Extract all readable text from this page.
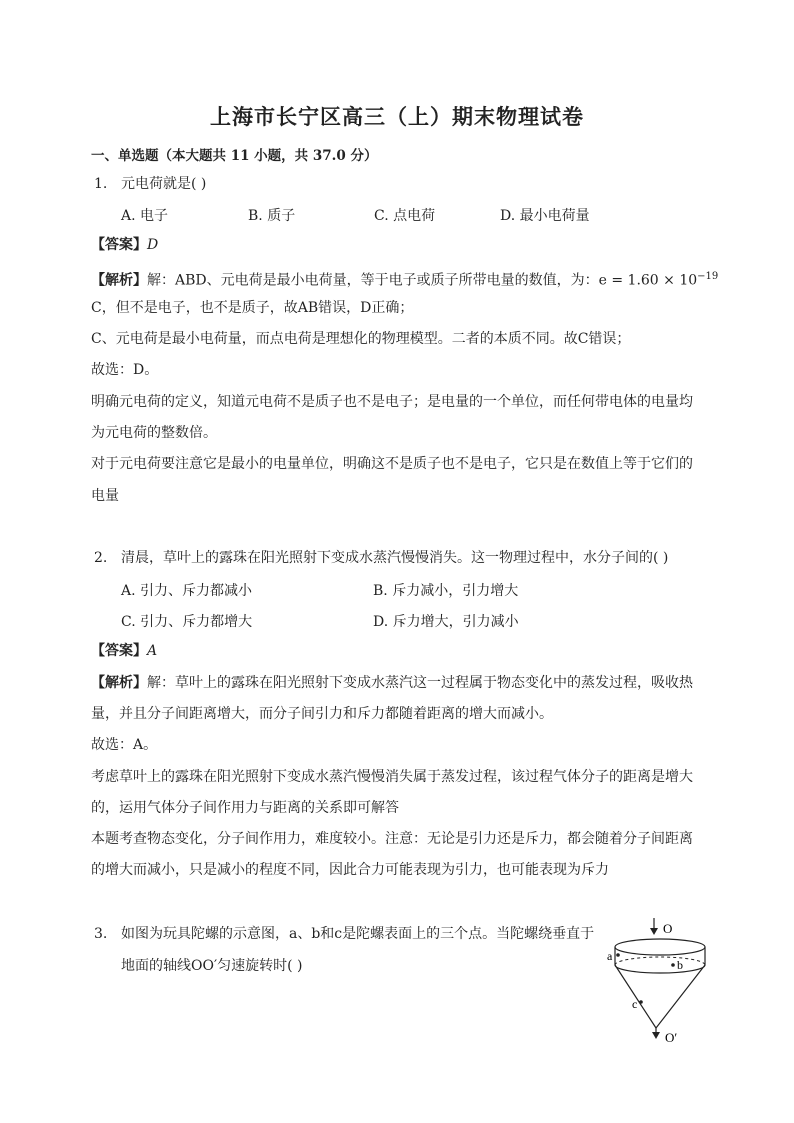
上海市长宁区高三（上）期末物理试卷
一、单选题（本大题共 11 小题，共 37.0 分）
1. 元电荷就是( )
A. 电子	B. 质子	C. 点电荷	D. 最小电荷量
【答案】D
【解析】解：ABD、元电荷是最小电荷量，等于电子或质子所带电量的数值，为：$e = 1.60 \times 10^{-19}$
C，但不是电子，也不是质子，故AB错误，D正确；
C、元电荷是最小电荷量，而点电荷是理想化的物理模型。二者的本质不同。故C错误；
故选：D。
明确元电荷的定义，知道元电荷不是质子也不是电子；是电量的一个单位，而任何带电体的电量均
为元电荷的整数倍。
对于元电荷要注意它是最小的电量单位，明确这不是质子也不是电子，它只是在数值上等于它们的
电量
2. 清晨，草叶上的露珠在阳光照射下变成水蒸汽慢慢消失。这一物理过程中，水分子间的( )
A. 引力、斥力都减小	B. 斥力减小，引力增大
C. 引力、斥力都增大	D. 斥力增大，引力减小
【答案】A
【解析】解：草叶上的露珠在阳光照射下变成水蒸汽这一过程属于物态变化中的蒸发过程，吸收热
量，并且分子间距离增大，而分子间引力和斥力都随着距离的增大而减小。
故选：A。
考虑草叶上的露珠在阳光照射下变成水蒸汽慢慢消失属于蒸发过程，该过程气体分子的距离是增大
的，运用气体分子间作用力与距离的关系即可解答
本题考查物态变化，分子间作用力，难度较小。注意：无论是引力还是斥力，都会随着分子间距离
的增大而减小，只是减小的程度不同，因此合力可能表现为引力，也可能表现为斥力
3. 如图为玩具陀螺的示意图，a、b和c是陀螺表面上的三个点。当陀螺绕垂直于
地面的轴线OO′匀速旋转时( )
O
O′
a
b
c
